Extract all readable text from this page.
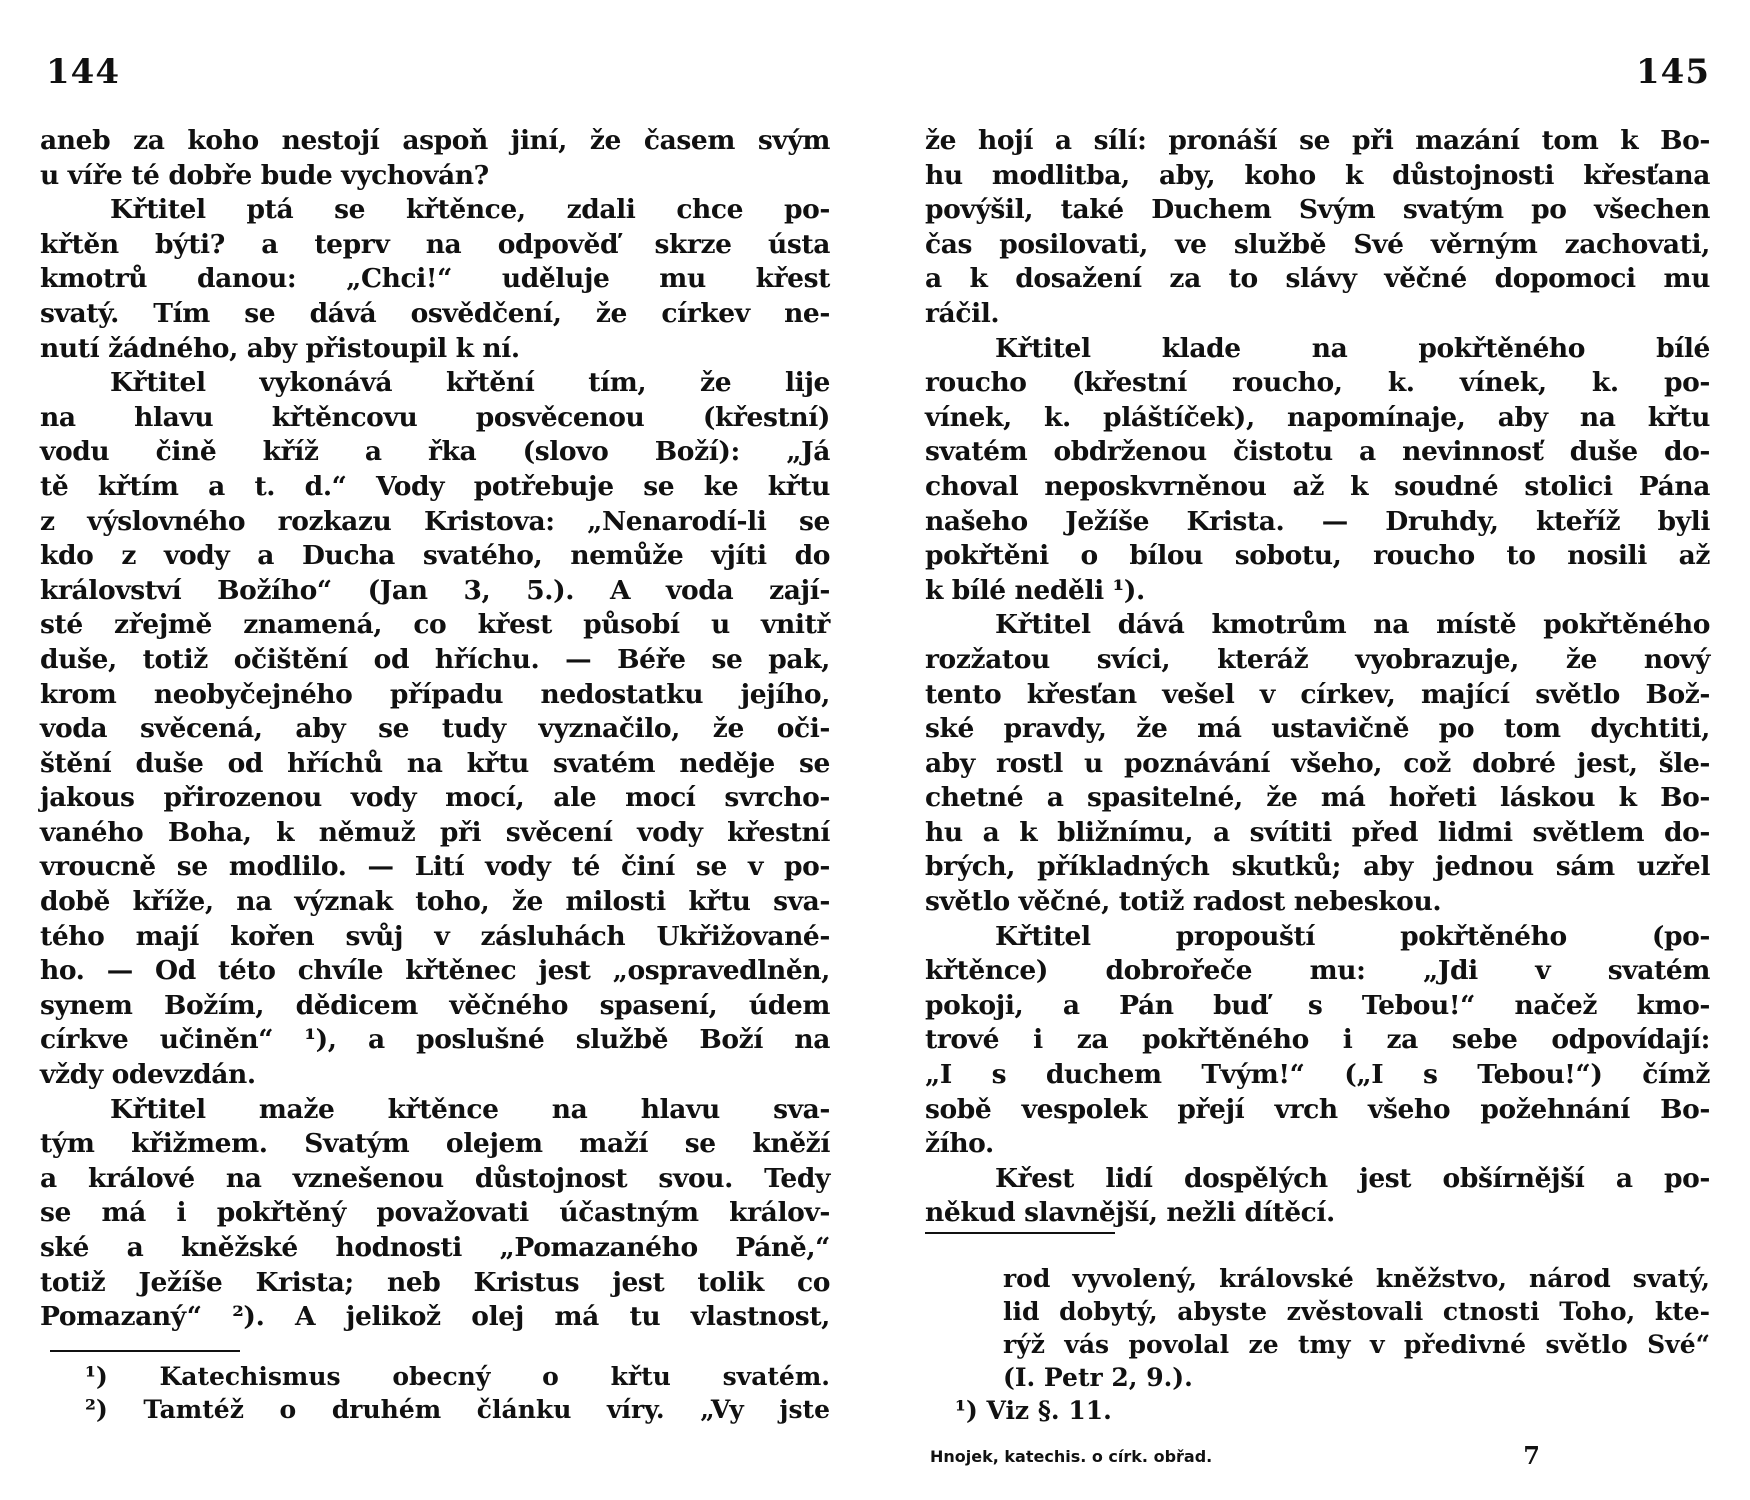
144
aneb za koho nestojí aspoň jiní, že časem svým
u víře té dobře bude vychován?
Křtitel ptá se křtěnce, zdali chce po-
křtěn býti? a teprv na odpověď skrze ústa
kmotrů danou: „Chci!“ uděluje mu křest
svatý. Tím se dává osvědčení, že církev ne-
nutí žádného, aby přistoupil k ní.
Křtitel vykonává křtění tím, že lije
na hlavu křtěncovu posvěcenou (křestní)
vodu čině kříž a řka (slovo Boží): „Já
tě křtím a t. d.“ Vody potřebuje se ke křtu
z výslovného rozkazu Kristova: „Nenarodí-li se
kdo z vody a Ducha svatého, nemůže vjíti do
království Božího“ (Jan 3, 5.). A voda zají-
sté zřejmě znamená, co křest působí u vnitř
duše, totiž očištění od hříchu. — Béře se pak,
krom neobyčejného případu nedostatku jejího,
voda svěcená, aby se tudy vyznačilo, že oči-
štění duše od hříchů na křtu svatém neděje se
jakous přirozenou vody mocí, ale mocí svrcho-
vaného Boha, k němuž při svěcení vody křestní
vroucně se modlilo. — Lití vody té činí se v po-
době kříže, na význak toho, že milosti křtu sva-
tého mají kořen svůj v zásluhách Ukřižované-
ho. — Od této chvíle křtěnec jest „ospravedlněn,
synem Božím, dědicem věčného spasení, údem
církve učiněn“ ¹), a poslušné službě Boží na
vždy odevzdán.
Křtitel maže křtěnce na hlavu sva-
tým křižmem. Svatým olejem maží se kněží
a králové na vznešenou důstojnost svou. Tedy
se má i pokřtěný považovati účastným králov-
ské a kněžské hodnosti „Pomazaného Páně,“
totiž Ježíše Krista; neb Kristus jest tolik co
Pomazaný“ ²). A jelikož olej má tu vlastnost,
¹) Katechismus obecný o křtu svatém.
²) Tamtéž o druhém článku víry. „Vy jste
145
že hojí a sílí: pronáší se při mazání tom k Bo-
hu modlitba, aby, koho k důstojnosti křesťana
povýšil, také Duchem Svým svatým po všechen
čas posilovati, ve službě Své věrným zachovati,
a k dosažení za to slávy věčné dopomoci mu
ráčil.
Křtitel klade na pokřtěného bílé
roucho (křestní roucho, k. vínek, k. po-
vínek, k. pláštíček), napomínaje, aby na křtu
svatém obdrženou čistotu a nevinnosť duše do-
choval neposkvrněnou až k soudné stolici Pána
našeho Ježíše Krista. — Druhdy, kteříž byli
pokřtěni o bílou sobotu, roucho to nosili až
k bílé neděli ¹).
Křtitel dává kmotrům na místě pokřtěného
rozžatou svíci, kteráž vyobrazuje, že nový
tento křesťan vešel v církev, mající světlo Bož-
ské pravdy, že má ustavičně po tom dychtiti,
aby rostl u poznávání všeho, což dobré jest, šle-
chetné a spasitelné, že má hořeti láskou k Bo-
hu a k bližnímu, a svítiti před lidmi světlem do-
brých, příkladných skutků; aby jednou sám uzřel
světlo věčné, totiž radost nebeskou.
Křtitel propouští pokřtěného (po-
křtěnce) dobrořeče mu: „Jdi v svatém
pokoji, a Pán buď s Tebou!“ načež kmo-
trové i za pokřtěného i za sebe odpovídají:
„I s duchem Tvým!“ („I s Tebou!“) čímž
sobě vespolek přejí vrch všeho požehnání Bo-
žího.
Křest lidí dospělých jest obšírnější a po-
někud slavnější, nežli dítěcí.
rod vyvolený, královské kněžstvo, národ svatý,
lid dobytý, abyste zvěstovali ctnosti Toho, kte-
rýž vás povolal ze tmy v předivné světlo Své“
(I. Petr 2, 9.).
¹) Viz §. 11.
Hnojek, katechis. o círk. obřad.	7
